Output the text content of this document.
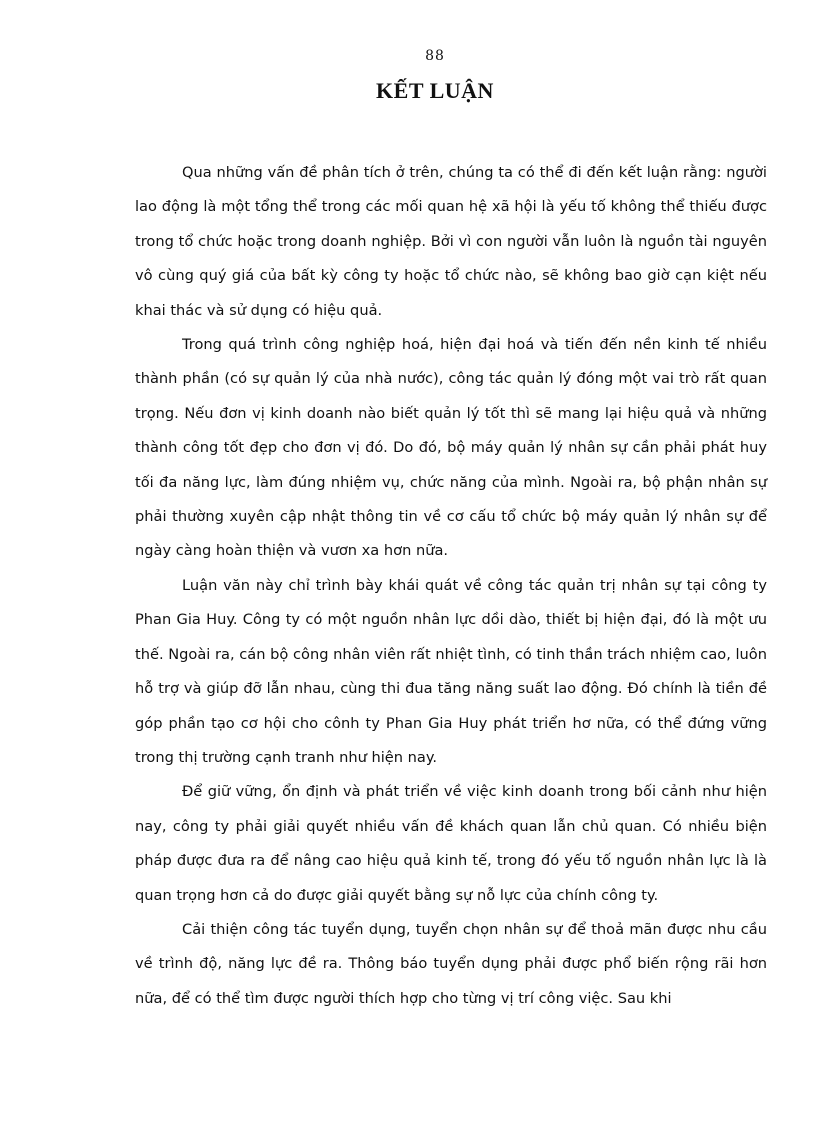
88
KẾT LUẬN

Qua những vấn đề phân tích ở trên, chúng ta có thể đi đến kết luận rằng: người lao động là một tổng thể trong các mối quan hệ xã hội là yếu tố không thể thiếu được trong tổ chức hoặc trong doanh nghiệp. Bởi vì con người vẫn luôn là nguồn tài nguyên vô cùng quý giá của bất kỳ công ty hoặc tổ chức nào, sẽ không bao giờ cạn kiệt nếu khai thác và sử dụng có hiệu quả.

Trong quá trình công nghiệp hoá, hiện đại hoá và tiến đến nền kinh tế nhiều thành phần (có sự quản lý của nhà nước), công tác quản lý đóng một vai trò rất quan trọng. Nếu đơn vị kinh doanh nào biết quản lý tốt thì sẽ mang lại hiệu quả và những thành công tốt đẹp cho đơn vị đó. Do đó, bộ máy quản lý nhân sự cần phải phát huy tối đa năng lực, làm đúng nhiệm vụ, chức năng của mình. Ngoài ra, bộ phận nhân sự phải thường xuyên cập nhật thông tin về cơ cấu tổ chức bộ máy quản lý nhân sự để ngày càng hoàn thiện và vươn xa hơn nữa.

Luận văn này chỉ trình bày khái quát về công tác quản trị nhân sự tại công ty Phan Gia Huy. Công ty có một nguồn nhân lực dồi dào, thiết bị hiện đại, đó là một ưu thế. Ngoài ra, cán bộ công nhân viên rất nhiệt tình, có tinh thần trách nhiệm cao, luôn hỗ trợ và giúp đỡ lẫn nhau, cùng thi đua tăng năng suất lao động. Đó chính là tiền đề góp phần tạo cơ hội cho cônh ty Phan Gia Huy phát triển hơ nữa, có thể đứng vững trong thị trường cạnh tranh như hiện nay.

Để giữ vững, ổn định và phát triển về việc kinh doanh trong bối cảnh như hiện nay, công ty phải giải quyết nhiều vấn đề khách quan lẫn chủ quan. Có nhiều biện pháp được đưa ra để nâng cao hiệu quả kinh tế, trong đó yếu tố nguồn nhân lực là là quan trọng hơn cả do được giải quyết bằng sự nỗ lực của chính công ty.

Cải thiện công tác tuyển dụng, tuyển chọn nhân sự để thoả mãn được nhu cầu về trình độ, năng lực đề ra. Thông báo tuyển dụng phải được phổ biến rộng rãi hơn nữa, để có thể tìm được người thích hợp cho từng vị trí công việc. Sau khi
